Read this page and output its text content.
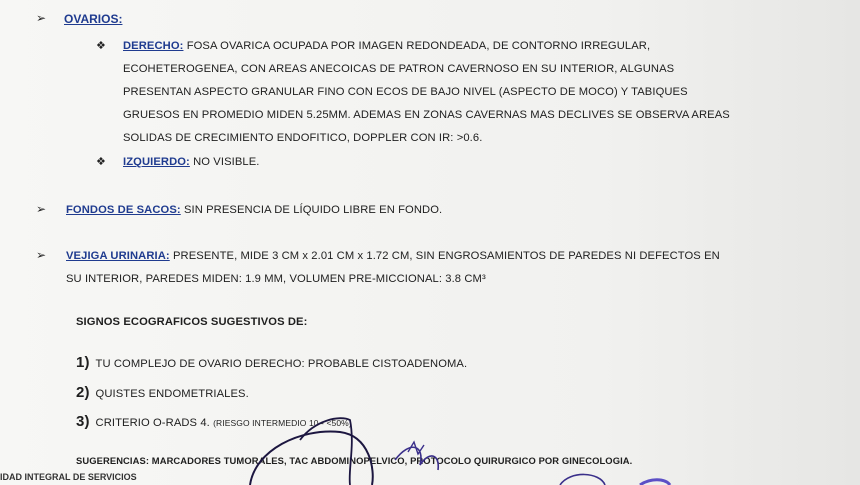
➢ OVARIOS:
❖ DERECHO: FOSA OVARICA OCUPADA POR IMAGEN REDONDEADA, DE CONTORNO IRREGULAR,
ECOHETEROGENEA, CON AREAS ANECOICAS DE PATRON CAVERNOSO EN SU INTERIOR, ALGUNAS
PRESENTAN ASPECTO GRANULAR FINO CON ECOS DE BAJO NIVEL (ASPECTO DE MOCO) Y TABIQUES
GRUESOS EN PROMEDIO MIDEN 5.25MM. ADEMAS EN ZONAS CAVERNAS MAS DECLIVES SE OBSERVA AREAS
SOLIDAS DE CRECIMIENTO ENDOFITICO, DOPPLER CON IR: >0.6.
❖ IZQUIERDO: NO VISIBLE.
➢ FONDOS DE SACOS: SIN PRESENCIA DE LÍQUIDO LIBRE EN FONDO.
➢ VEJIGA URINARIA: PRESENTE, MIDE 3 CM x 2.01 CM x 1.72 CM, SIN ENGROSAMIENTOS DE PAREDES NI DEFECTOS EN
SU INTERIOR, PAREDES MIDEN: 1.9 MM, VOLUMEN PRE-MICCIONAL: 3.8 CM³
SIGNOS ECOGRAFICOS SUGESTIVOS DE:
1) TU COMPLEJO DE OVARIO DERECHO: PROBABLE CISTOADENOMA.
2) QUISTES ENDOMETRIALES.
3) CRITERIO O-RADS 4. (RIESGO INTERMEDIO 10 - <50%)
SUGERENCIAS: MARCADORES TUMORALES, TAC ABDOMINOPELVICO, PROTOCOLO QUIRURGICO POR GINECOLOGIA.
IDAD INTEGRAL DE SERVICIOS
